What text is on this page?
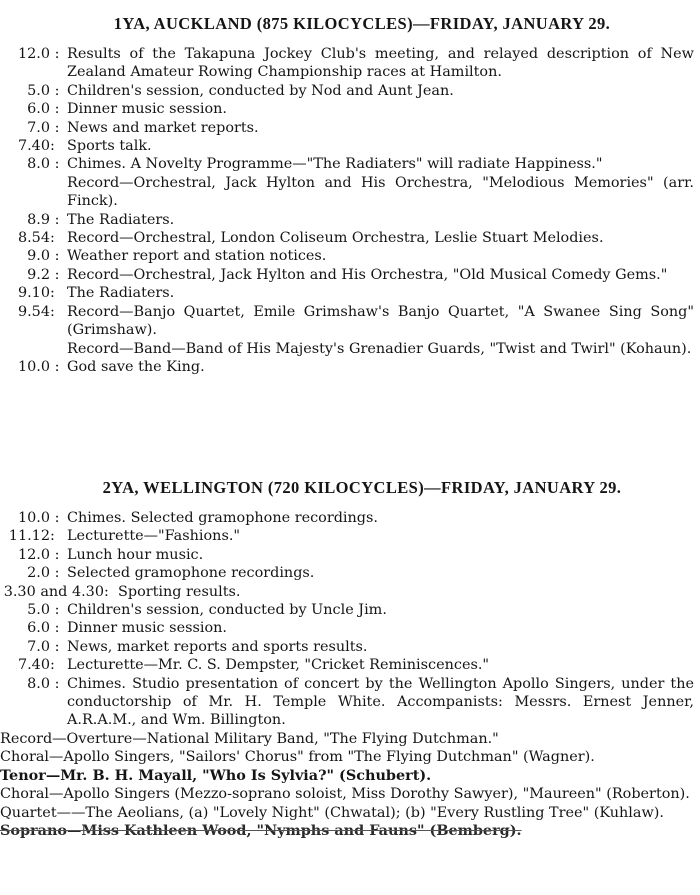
1YA, AUCKLAND (875 KILOCYCLES)—FRIDAY, JANUARY 29.
12.0 : Results of the Takapuna Jockey Club's meeting, and relayed description of New Zealand Amateur Rowing Championship races at Hamilton.
5.0 : Children's session, conducted by Nod and Aunt Jean.
6.0 : Dinner music session.
7.0 : News and market reports.
7.40: Sports talk.
8.0 : Chimes. A Novelty Programme—"The Radiaters" will radiate Happiness."
Record—Orchestral, Jack Hylton and His Orchestra, "Melodious Memories" (arr. Finck).
8.9 : The Radiaters.
8.54: Record—Orchestral, London Coliseum Orchestra, Leslie Stuart Melodies.
9.0 : Weather report and station notices.
9.2 : Record—Orchestral, Jack Hylton and His Orchestra, "Old Musical Comedy Gems."
9.10: The Radiaters.
9.54: Record—Banjo Quartet, Emile Grimshaw's Banjo Quartet, "A Swanee Sing Song" (Grimshaw).
Record—Band—Band of His Majesty's Grenadier Guards, "Twist and Twirl" (Kohaun).
10.0 : God save the King.
2YA, WELLINGTON (720 KILOCYCLES)—FRIDAY, JANUARY 29.
10.0 : Chimes. Selected gramophone recordings.
11.12: Lecturette—"Fashions."
12.0 : Lunch hour music.
2.0 : Selected gramophone recordings.
3.30 and 4.30: Sporting results.
5.0 : Children's session, conducted by Uncle Jim.
6.0 : Dinner music session.
7.0 : News, market reports and sports results.
7.40: Lecturette—Mr. C. S. Dempster, "Cricket Reminiscences."
8.0 : Chimes. Studio presentation of concert by the Wellington Apollo Singers, under the conductorship of Mr. H. Temple White. Accompanists: Messrs. Ernest Jenner, A.R.A.M., and Wm. Billington.
Record—Overture—National Military Band, "The Flying Dutchman."
Choral—Apollo Singers, "Sailors' Chorus" from "The Flying Dutchman" (Wagner).
Tenor—Mr. B. H. Mayall, "Who Is Sylvia?" (Schubert).
Choral—Apollo Singers (Mezzo-soprano soloist, Miss Dorothy Sawyer), "Maureen" (Roberton).
Quartet——The Aeolians, (a) "Lovely Night" (Chwatal); (b) "Every Rustling Tree" (Kuhlaw).
Soprano—Miss Kathleen Wood, "Nymphs and Fauns" (Bemberg).
